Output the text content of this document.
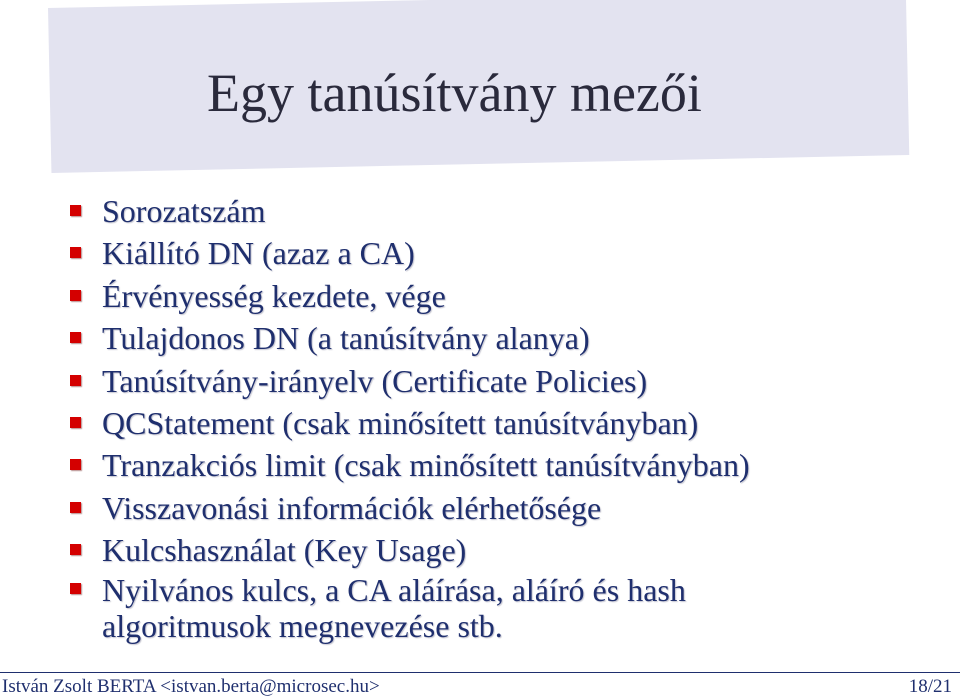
Egy tanúsítvány mezői
Sorozatszám
Kiállító DN (azaz a CA)
Érvényesség kezdete, vége
Tulajdonos DN (a tanúsítvány alanya)
Tanúsítvány-irányelv (Certificate Policies)
QCStatement (csak minősített tanúsítványban)
Tranzakciós limit (csak minősített tanúsítványban)
Visszavonási információk elérhetősége
Kulcshasználat (Key Usage)
Nyilvános kulcs, a CA aláírása, aláíró és hash algoritmusok megnevezése stb.
István Zsolt BERTA <istvan.berta@microsec.hu>	18/21
